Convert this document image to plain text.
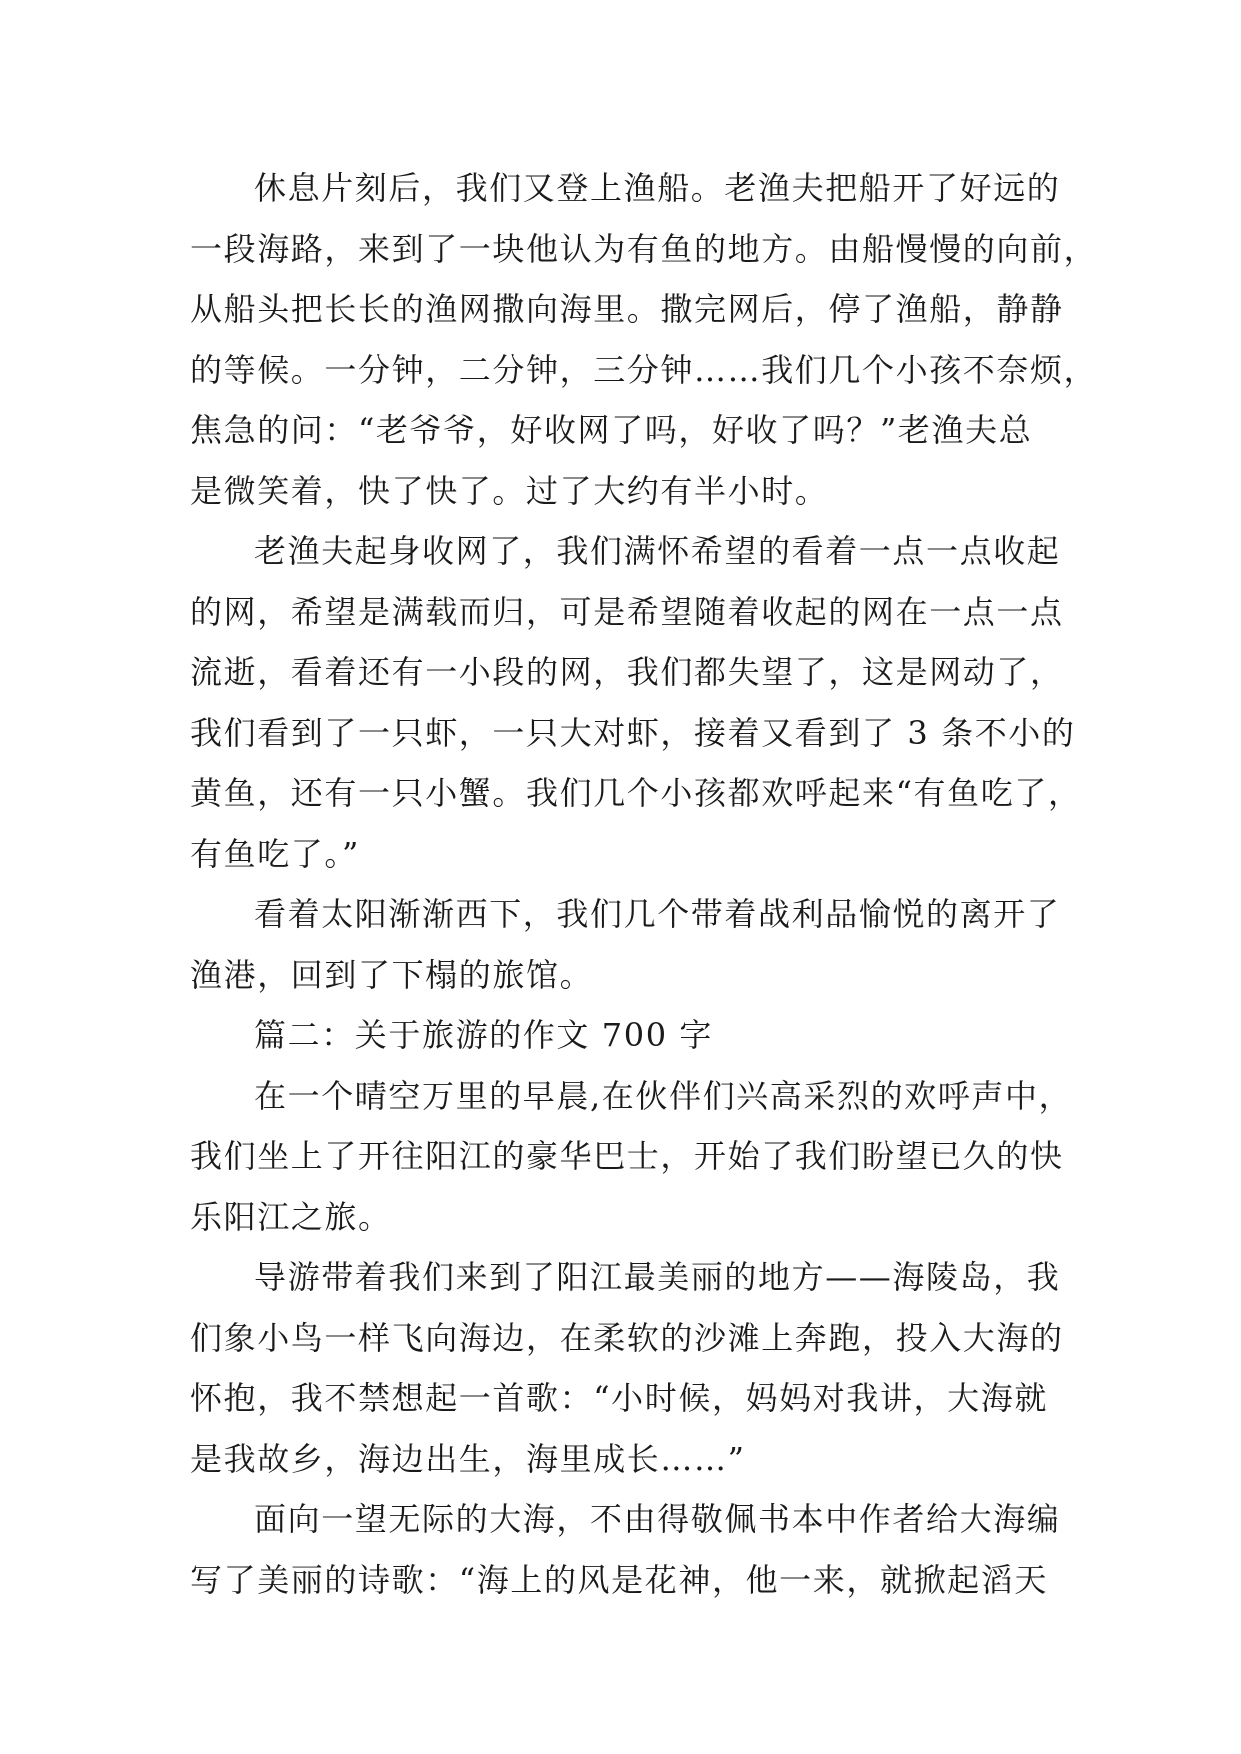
休息片刻后，我们又登上渔船。老渔夫把船开了好远的
一段海路，来到了一块他认为有鱼的地方。由船慢慢的向前，
从船头把长长的渔网撒向海里。撒完网后，停了渔船，静静
的等候。一分钟，二分钟，三分钟……我们几个小孩不奈烦，
焦急的问：“老爷爷，好收网了吗，好收了吗？”老渔夫总
是微笑着，快了快了。过了大约有半小时。
老渔夫起身收网了，我们满怀希望的看着一点一点收起
的网，希望是满载而归，可是希望随着收起的网在一点一点
流逝，看着还有一小段的网，我们都失望了，这是网动了，
我们看到了一只虾，一只大对虾，接着又看到了 3 条不小的
黄鱼，还有一只小蟹。我们几个小孩都欢呼起来“有鱼吃了，
有鱼吃了。”
看着太阳渐渐西下，我们几个带着战利品愉悦的离开了
渔港，回到了下榻的旅馆。
篇二：关于旅游的作文 700 字
在一个晴空万里的早晨,在伙伴们兴高采烈的欢呼声中，
我们坐上了开往阳江的豪华巴士，开始了我们盼望已久的快
乐阳江之旅。
导游带着我们来到了阳江最美丽的地方——海陵岛，我
们象小鸟一样飞向海边，在柔软的沙滩上奔跑，投入大海的
怀抱，我不禁想起一首歌：“小时候，妈妈对我讲，大海就
是我故乡，海边出生，海里成长……”
面向一望无际的大海，不由得敬佩书本中作者给大海编
写了美丽的诗歌：“海上的风是花神，他一来，就掀起滔天
